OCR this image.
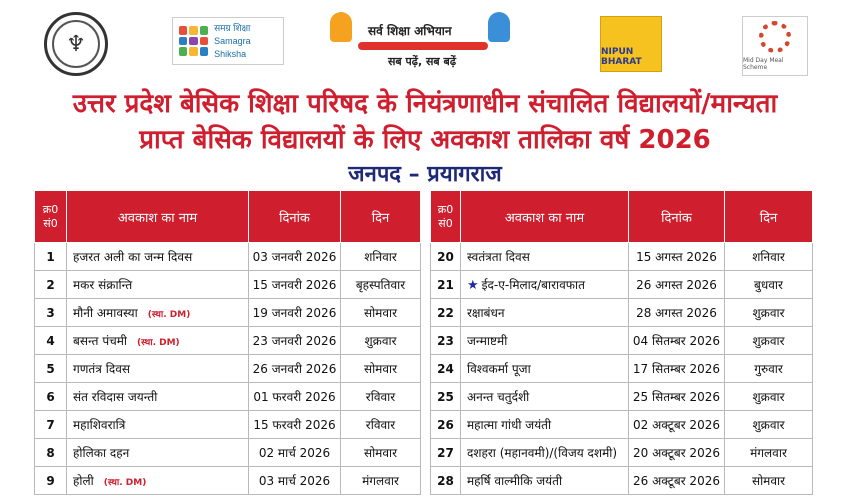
♆
समग्र शिक्षा
Samagra Shiksha
सर्व शिक्षा अभियान
सब पढ़ें, सब बढ़ें
NIPUN BHARAT	Mid Day Meal Scheme
उत्तर प्रदेश बेसिक शिक्षा परिषद के नियंत्रणाधीन संचालित विद्यालयों/मान्यता
प्राप्त बेसिक विद्यालयों के लिए अवकाश तालिका वर्ष 2026
जनपद – प्रयागराज
क्र0 सं0	अवकाश का नाम	दिनांक	दिन
1	हजरत अली का जन्म दिवस	03 जनवरी 2026	शनिवार
2	मकर संक्रान्ति	15 जनवरी 2026	बृहस्पतिवार
3	मौनी अमावस्या (स्था. DM)	19 जनवरी 2026	सोमवार
4	बसन्त पंचमी (स्था. DM)	23 जनवरी 2026	शुक्रवार
5	गणतंत्र दिवस	26 जनवरी 2026	सोमवार
6	संत रविदास जयन्ती	01 फरवरी 2026	रविवार
7	महाशिवरात्रि	15 फरवरी 2026	रविवार
8	होलिका दहन	02 मार्च 2026	सोमवार
9	होली (स्था. DM)	03 मार्च 2026	मंगलवार
क्र0 सं0	अवकाश का नाम	दिनांक	दिन
20	स्वतंत्रता दिवस	15 अगस्त 2026	शनिवार
21	★ ईद-ए-मिलाद/बारावफात	26 अगस्त 2026	बुधवार
22	रक्षाबंधन	28 अगस्त 2026	शुक्रवार
23	जन्माष्टमी	04 सितम्बर 2026	शुक्रवार
24	विश्वकर्मा पूजा	17 सितम्बर 2026	गुरुवार
25	अनन्त चतुर्दशी	25 सितम्बर 2026	शुक्रवार
26	महात्मा गांधी जयंती	02 अक्टूबर 2026	शुक्रवार
27	दशहरा (महानवमी)/(विजय दशमी)	20 अक्टूबर 2026	मंगलवार
28	महर्षि वाल्मीकि जयंती	26 अक्टूबर 2026	सोमवार
